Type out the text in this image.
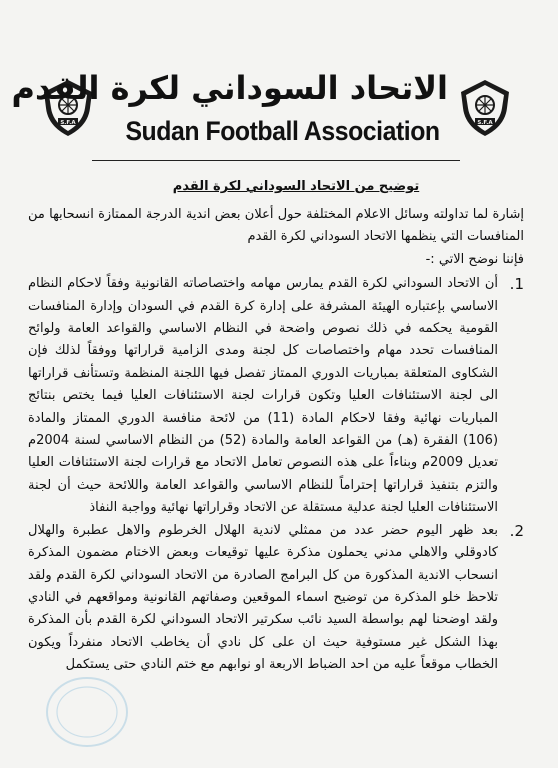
S.F.A	S.F.A
الاتحاد السوداني لكرة القدم
Sudan Football Association
توضيح من الاتحاد السوداني لكرة القدم

إشارة لما تداولته وسائل الاعلام المختلفة حول أعلان بعض اندية الدرجة الممتازة انسحابها من المنافسات التي ينظمها الاتحاد السوداني لكرة القدم

فإننا نوضح الاتي :-

1.

أن الاتحاد السوداني لكرة القدم يمارس مهامه واختصاصاته القانونية وفقاً لاحكام النظام الاساسي بإعتباره الهيئة المشرفة على إدارة كرة القدم في السودان وإدارة المنافسات القومية يحكمه في ذلك نصوص واضحة في النظام الاساسي والقواعد العامة ولوائح المنافسات تحدد مهام واختصاصات كل لجنة ومدى الزامية قراراتها ووفقاً لذلك فإن الشكاوى المتعلقة بمباريات الدوري الممتاز تفصل فيها اللجنة المنظمة وتستأنف قراراتها الى لجنة الاستئنافات العليا وتكون قرارات لجنة الاستئنافات العليا فيما يختص بنتائج المباريات نهائية وفقا لاحكام المادة (11) من لائحة منافسة الدوري الممتاز والمادة (106) الفقرة (هـ) من القواعد العامة والمادة (52) من النظام الاساسي لسنة 2004م تعديل 2009م وبناءاً على هذه النصوص تعامل الاتحاد مع قرارات لجنة الاستئنافات العليا والتزم بتنفيذ قراراتها إحتراماً للنظام الاساسي والقواعد العامة واللائحة حيث أن لجنة الاستئنافات العليا لجنة عدلية مستقلة عن الاتحاد وقراراتها نهائية وواجبة النفاذ

2.

بعد ظهر اليوم حضر عدد من ممثلي لاندية الهلال الخرطوم والاهل عطبرة والهلال كادوقلي والاهلي مدني يحملون مذكرة عليها توقيعات وبعض الاختام مضمون المذكرة انسحاب الاندية المذكورة من كل البرامج الصادرة من الاتحاد السوداني لكرة القدم ولقد تلاحظ خلو المذكرة من توضيح اسماء الموقعين وصفاتهم القانونية ومواقعهم في النادي ولقد اوضحنا لهم بواسطة السيد نائب سكرتير الاتحاد السوداني لكرة القدم بأن المذكرة بهذا الشكل غير مستوفية حيث ان على كل نادي أن يخاطب الاتحاد منفرداً ويكون الخطاب موقعاً عليه من احد الضباط الاربعة او نوابهم مع ختم النادي حتى يستكمل
